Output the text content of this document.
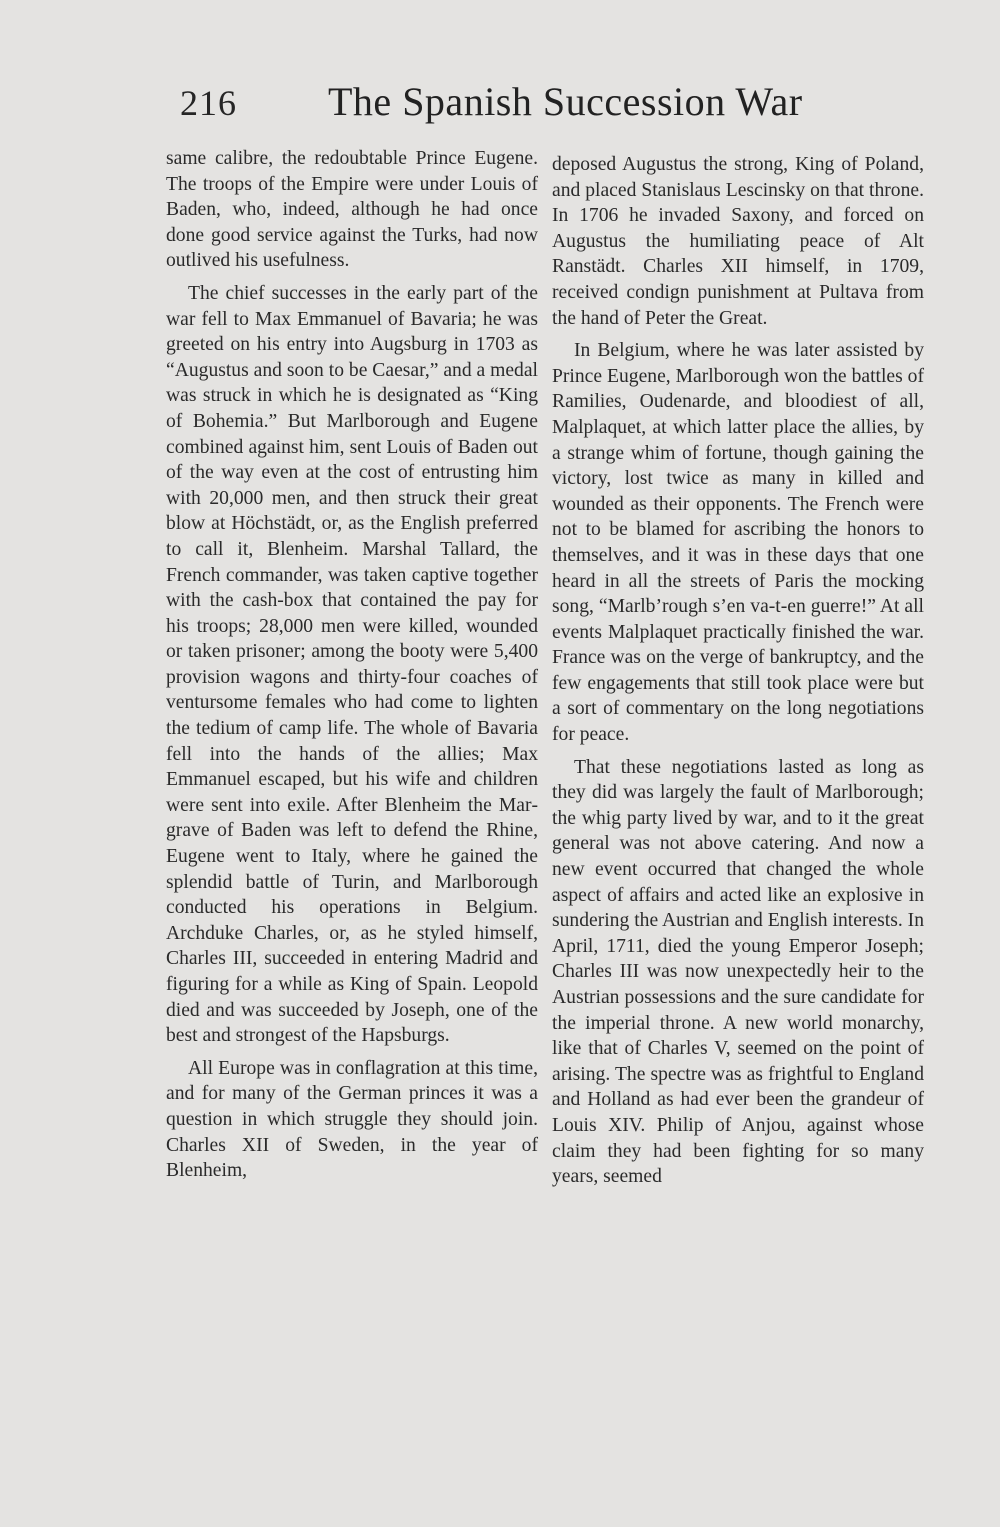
216 The Spanish Succession War

same calibre, the redoubtable Prince Eugene. The troops of the Empire were under Louis of Baden, who, indeed, although he had once done good service against the Turks, had now outlived his usefulness.

The chief successes in the early part of the war fell to Max Emmanuel of Bavaria; he was greeted on his entry into Augsburg in 1703 as “Augustus and soon to be Caesar,” and a medal was struck in which he is designated as “King of Bohemia.” But Marlborough and Eugene combined against him, sent Louis of Baden out of the way even at the cost of entrusting him with 20,000 men, and then struck their great blow at Höchstädt, or, as the English preferred to call it, Blenheim. Marshal Tallard, the French commander, was taken captive together with the cash-box that contained the pay for his troops; 28,000 men were killed, wounded or taken prisoner; among the booty were 5,400 provision wagons and thirty-four coaches of ventursome females who had come to lighten the tedium of camp life. The whole of Bavaria fell into the hands of the allies; Max Emmanuel escaped, but his wife and children were sent into exile. After Blenheim the Margrave of Baden was left to defend the Rhine, Eugene went to Italy, where he gained the splendid battle of Turin, and Marlborough conducted his operations in Belgium. Archduke Charles, or, as he styled himself, Charles III, succeeded in entering Madrid and figuring for a while as King of Spain. Leopold died and was succeeded by Joseph, one of the best and strongest of the Hapsburgs.

All Europe was in conflagration at this time, and for many of the German princes it was a question in which struggle they should join. Charles XII of Sweden, in the year of Blenheim,

deposed Augustus the strong, King of Poland, and placed Stanislaus Lescinsky on that throne. In 1706 he invaded Saxony, and forced on Augustus the humiliating peace of Alt Ranstädt. Charles XII himself, in 1709, received condign punishment at Pultava from the hand of Peter the Great.

In Belgium, where he was later assisted by Prince Eugene, Marlborough won the battles of Ramilies, Oudenarde, and bloodiest of all, Malplaquet, at which latter place the allies, by a strange whim of fortune, though gaining the victory, lost twice as many in killed and wounded as their opponents. The French were not to be blamed for ascribing the honors to themselves, and it was in these days that one heard in all the streets of Paris the mocking song, “Marlb’rough s’en va-t-en guerre!” At all events Malplaquet practically finished the war. France was on the verge of bankruptcy, and the few engagements that still took place were but a sort of commentary on the long negotiations for peace.

That these negotiations lasted as long as they did was largely the fault of Marlborough; the whig party lived by war, and to it the great general was not above catering. And now a new event occurred that changed the whole aspect of affairs and acted like an explosive in sundering the Austrian and English interests. In April, 1711, died the young Emperor Joseph; Charles III was now unexpectedly heir to the Austrian possessions and the sure candidate for the imperial throne. A new world monarchy, like that of Charles V, seemed on the point of arising. The spectre was as frightful to England and Holland as had ever been the grandeur of Louis XIV. Philip of Anjou, against whose claim they had been fighting for so many years, seemed
